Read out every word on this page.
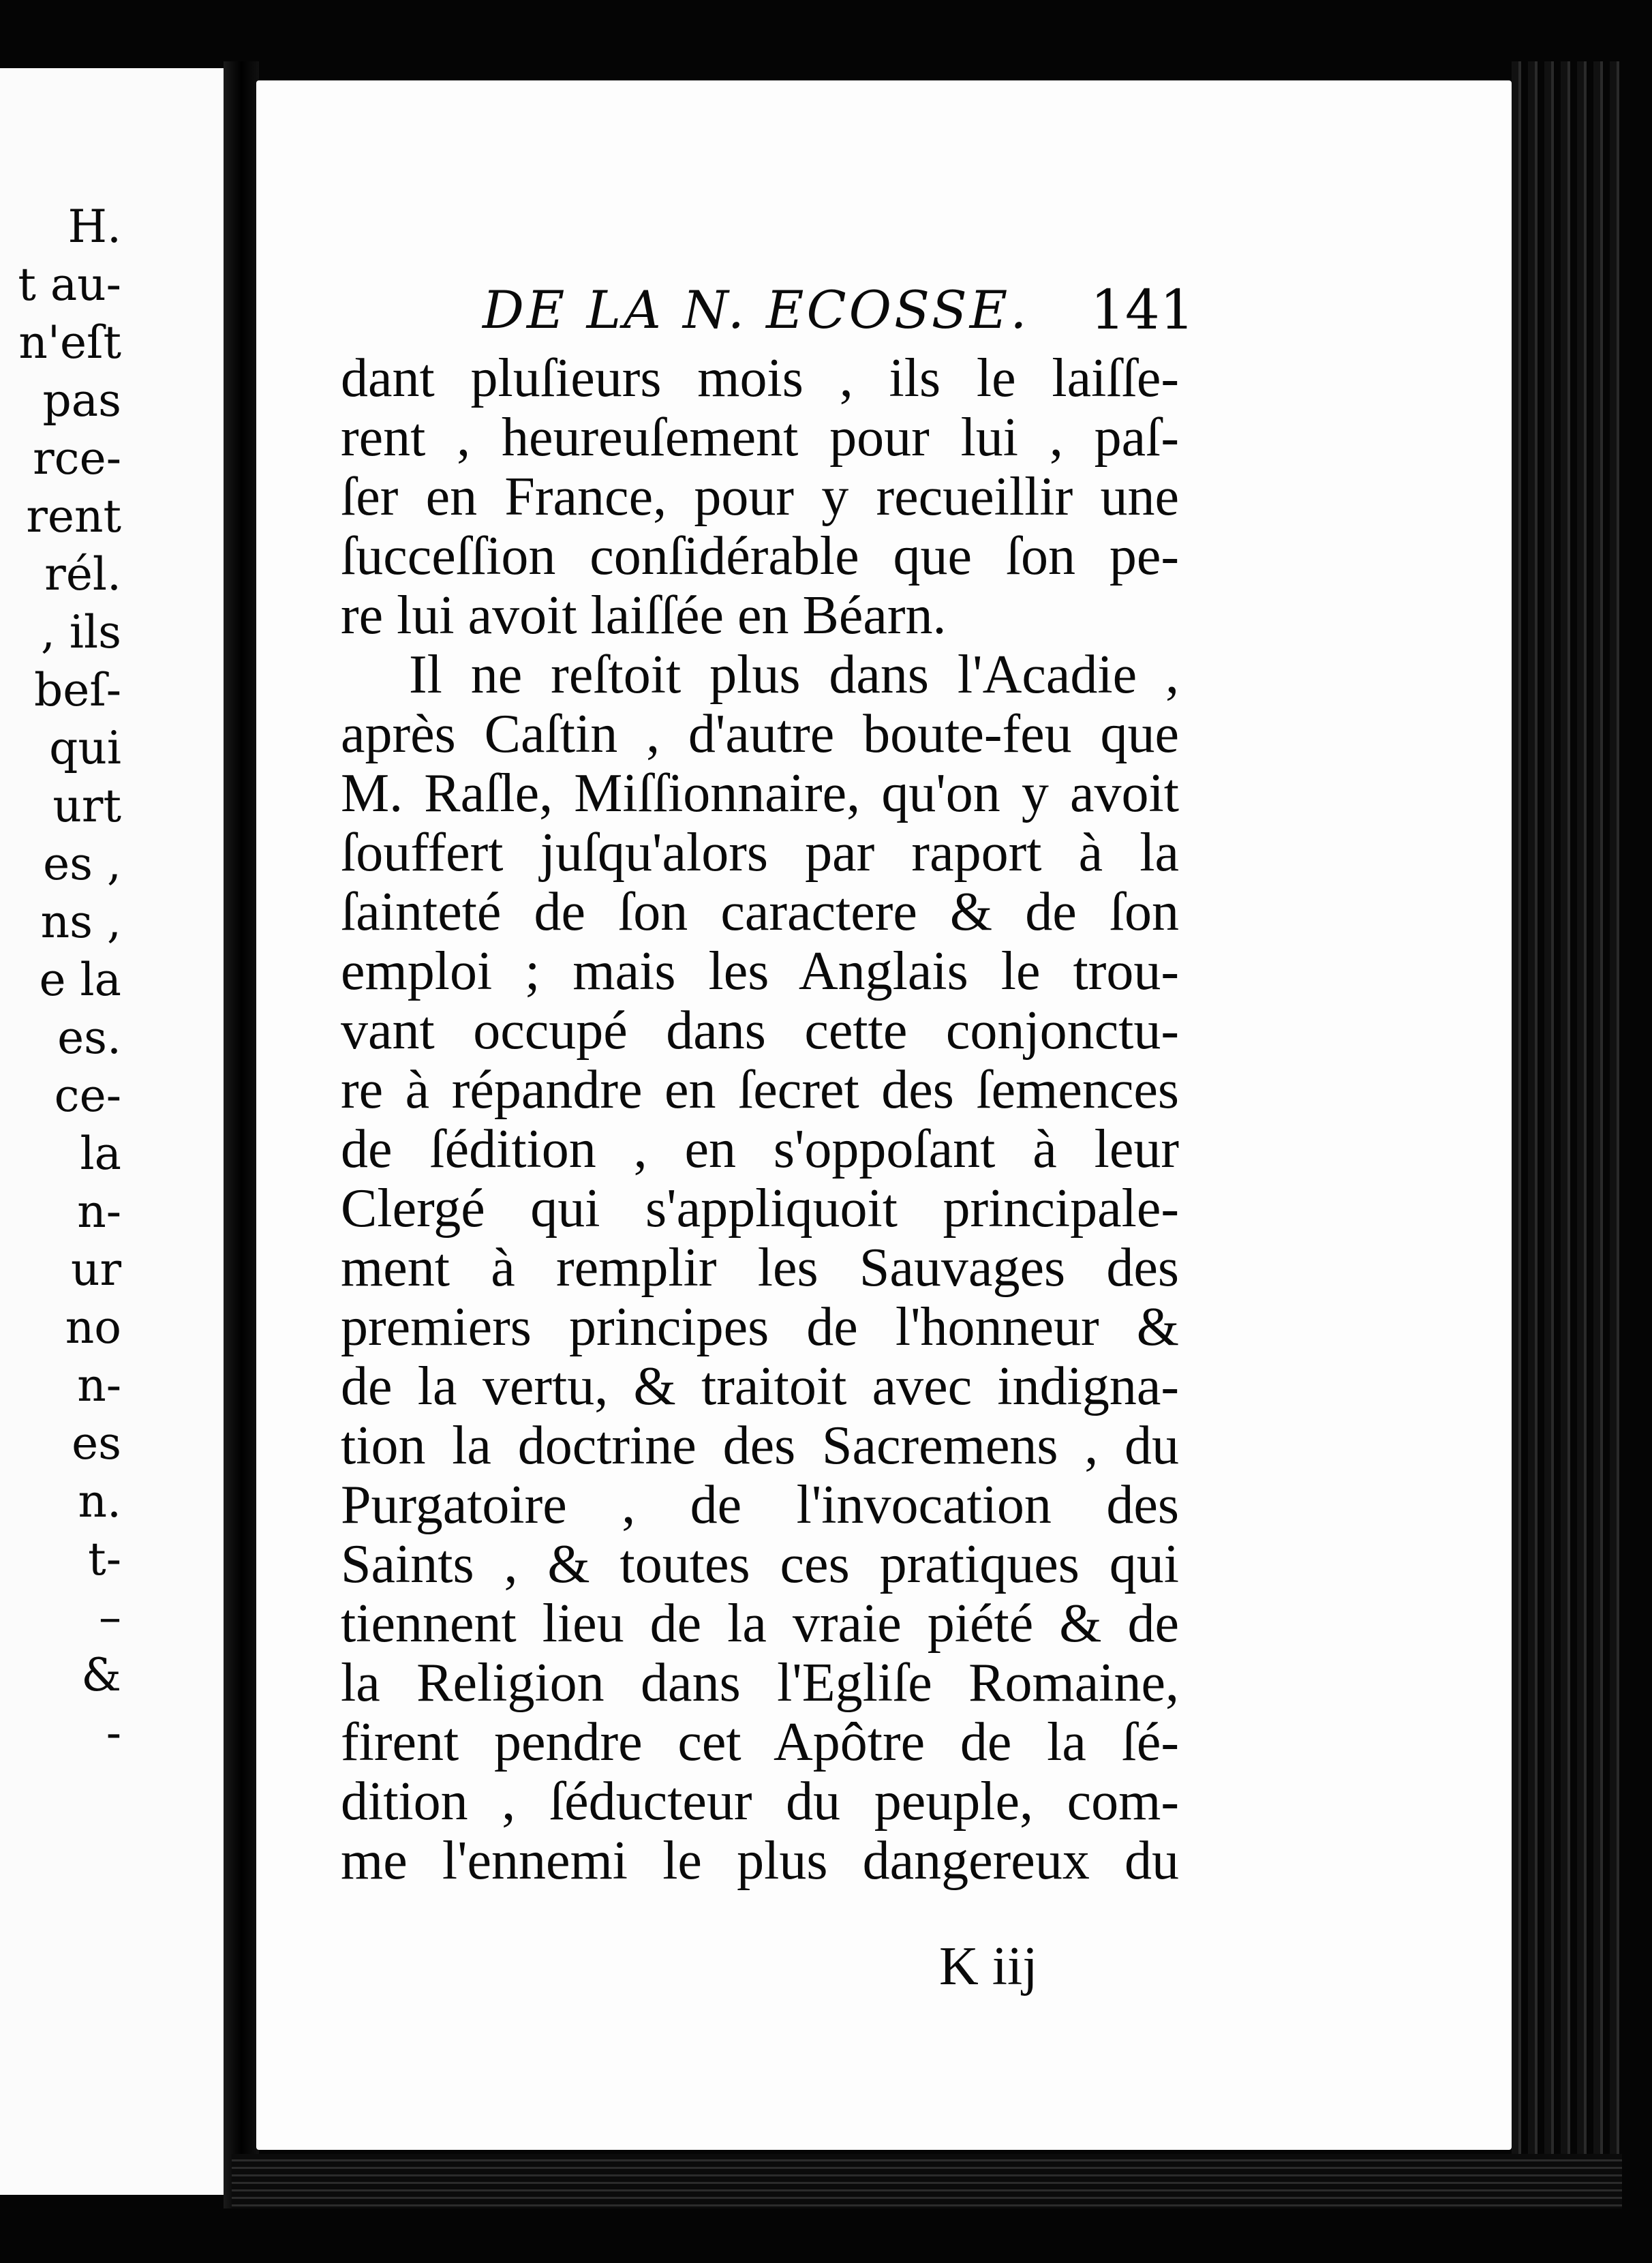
H.
t au-
n'eſt
pas
rce-
rent
rél.
, ils
beſ-
qui
urt
es ,
ns ,
e la
es.
ce-
la
n-
ur
no
n-
es
n.
t-
–
&
-
DE LA N. ECOSSE.	141
dant pluſieurs mois , ils le laiſſe-
rent , heureuſement pour lui , paſ-
ſer en France, pour y recueillir une
ſucceſſion conſidérable que ſon pe-
re lui avoit laiſſée en Béarn.
Il ne reſtoit plus dans l'Acadie ,
après Caſtin , d'autre boute-feu que
M. Raſle, Miſſionnaire, qu'on y avoit
ſouffert juſqu'alors par raport à la
ſainteté de ſon caractere & de ſon
emploi ; mais les Anglais le trou-
vant occupé dans cette conjonctu-
re à répandre en ſecret des ſemences
de ſédition , en s'oppoſant à leur
Clergé qui s'appliquoit principale-
ment à remplir les Sauvages des
premiers principes de l'honneur &
de la vertu, & traitoit avec indigna-
tion la doctrine des Sacremens , du
Purgatoire , de l'invocation des
Saints , & toutes ces pratiques qui
tiennent lieu de la vraie piété & de
la Religion dans l'Egliſe Romaine,
firent pendre cet Apôtre de la ſé-
dition , ſéducteur du peuple, com-
me l'ennemi le plus dangereux du
K iij
